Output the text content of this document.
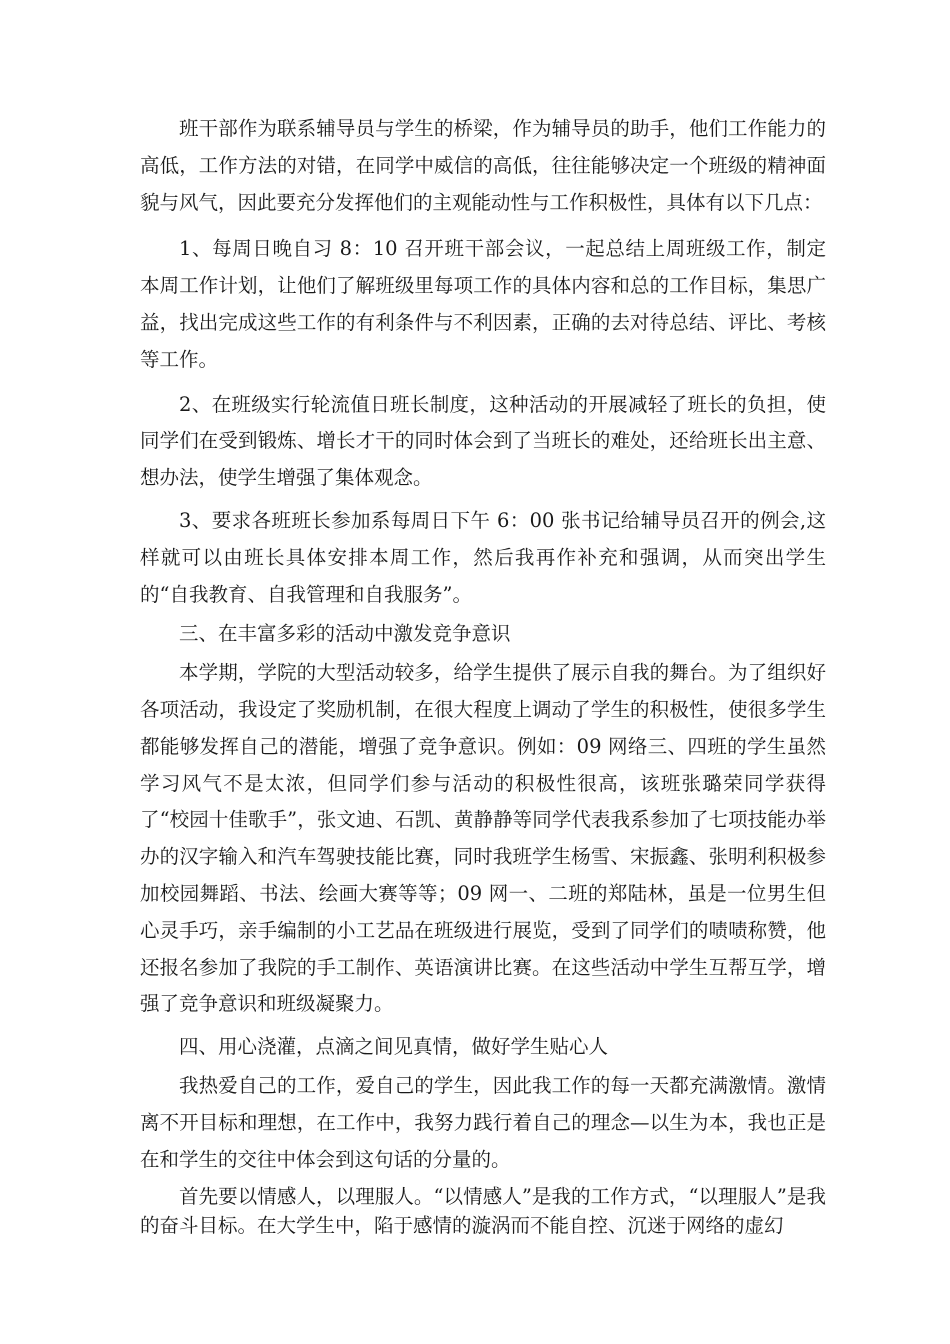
班干部作为联系辅导员与学生的桥梁，作为辅导员的助手，他们工作能力的高低，工作方法的对错，在同学中威信的高低，往往能够决定一个班级的精神面貌与风气，因此要充分发挥他们的主观能动性与工作积极性，具体有以下几点：

1、每周日晚自习 8：10 召开班干部会议，一起总结上周班级工作，制定本周工作计划，让他们了解班级里每项工作的具体内容和总的工作目标，集思广益，找出完成这些工作的有利条件与不利因素，正确的去对待总结、评比、考核等工作。

2、在班级实行轮流值日班长制度，这种活动的开展减轻了班长的负担，使同学们在受到锻炼、增长才干的同时体会到了当班长的难处，还给班长出主意、想办法，使学生增强了集体观念。

3、要求各班班长参加系每周日下午 6：00 张书记给辅导员召开的例会,这样就可以由班长具体安排本周工作，然后我再作补充和强调，从而突出学生的“自我教育、自我管理和自我服务”。

三、在丰富多彩的活动中激发竞争意识

本学期，学院的大型活动较多，给学生提供了展示自我的舞台。为了组织好各项活动，我设定了奖励机制，在很大程度上调动了学生的积极性，使很多学生都能够发挥自己的潜能，增强了竞争意识。例如：09 网络三、四班的学生虽然学习风气不是太浓，但同学们参与活动的积极性很高，该班张璐荣同学获得了“校园十佳歌手”，张文迪、石凯、黄静静等同学代表我系参加了七项技能办举办的汉字输入和汽车驾驶技能比赛，同时我班学生杨雪、宋振鑫、张明利积极参加校园舞蹈、书法、绘画大赛等等；09 网一、二班的郑陆林，虽是一位男生但心灵手巧，亲手编制的小工艺品在班级进行展览，受到了同学们的啧啧称赞，他还报名参加了我院的手工制作、英语演讲比赛。在这些活动中学生互帮互学，增强了竞争意识和班级凝聚力。

四、用心浇灌，点滴之间见真情，做好学生贴心人

我热爱自己的工作，爱自己的学生，因此我工作的每一天都充满激情。激情离不开目标和理想，在工作中，我努力践行着自己的理念—以生为本，我也正是在和学生的交往中体会到这句话的分量的。

首先要以情感人，以理服人。“以情感人”是我的工作方式，“以理服人”是我的奋斗目标。在大学生中，陷于感情的漩涡而不能自控、沉迷于网络的虚幻
